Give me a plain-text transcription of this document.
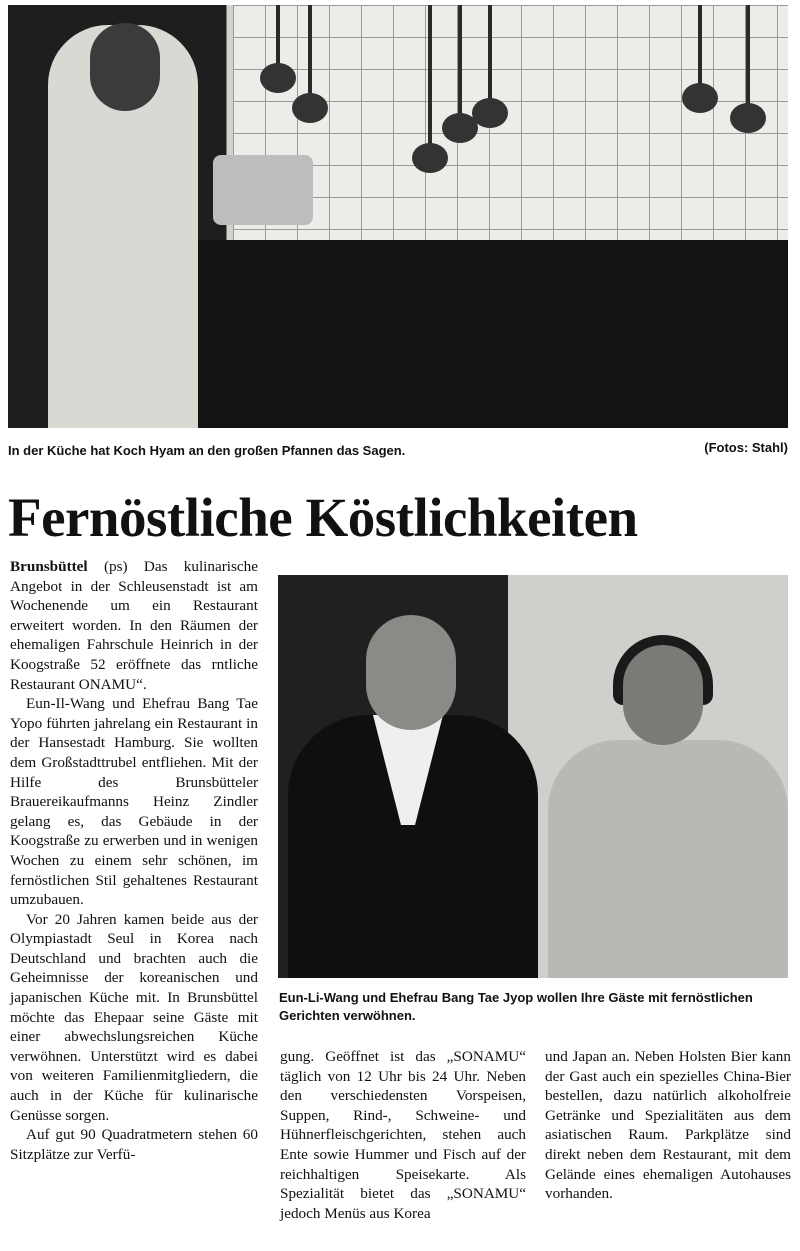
In der Küche hat Koch Hyam an den großen Pfannen das Sagen.	(Fotos: Stahl)
Fernöstliche Köstlichkeiten

Brunsbüttel (ps) Das kulinarische Angebot in der Schleusenstadt ist am Wochenende um ein Restaurant erweitert worden. In den Räumen der ehemaligen Fahrschule Heinrich in der Koogstraße 52 eröffnete das rntliche Restaurant ONAMU“.

Eun-Il-Wang und Ehefrau Bang Tae Yopo führten jahrelang ein Restaurant in der Hansestadt Hamburg. Sie wollten dem Großstadttrubel entfliehen. Mit der Hilfe des Brunsbütteler Brauereikaufmanns Heinz Zindler gelang es, das Gebäude in der Koogstraße zu erwerben und in wenigen Wochen zu einem sehr schönen, im fernöstlichen Stil gehaltenes Restaurant umzubauen.

Vor 20 Jahren kamen beide aus der Olympiastadt Seul in Korea nach Deutschland und brachten auch die Geheimnisse der koreanischen und japanischen Küche mit. In Brunsbüttel möchte das Ehepaar seine Gäste mit einer abwechslungsreichen Küche verwöhnen. Unterstützt wird es dabei von weiteren Familienmitgliedern, die auch in der Küche für kulinarische Genüsse sorgen.

Auf gut 90 Quadratmetern stehen 60 Sitzplätze zur Verfü-

Eun-Li-Wang und Ehefrau Bang Tae Jyop wollen Ihre Gäste mit fernöstlichen Gerichten verwöhnen.

gung. Geöffnet ist das „SONAMU“ täglich von 12 Uhr bis 24 Uhr. Neben den verschiedensten Vorspeisen, Suppen, Rind-, Schweine- und Hühnerfleischgerichten, stehen auch Ente sowie Hummer und Fisch auf der reichhaltigen Speisekarte. Als Spezialität bietet das „SONAMU“ jedoch Menüs aus Korea

und Japan an. Neben Holsten Bier kann der Gast auch ein spezielles China-Bier bestellen, dazu natürlich alkoholfreie Getränke und Spezialitäten aus dem asiatischen Raum. Parkplätze sind direkt neben dem Restaurant, mit dem Gelände eines ehemaligen Autohauses vorhanden.
